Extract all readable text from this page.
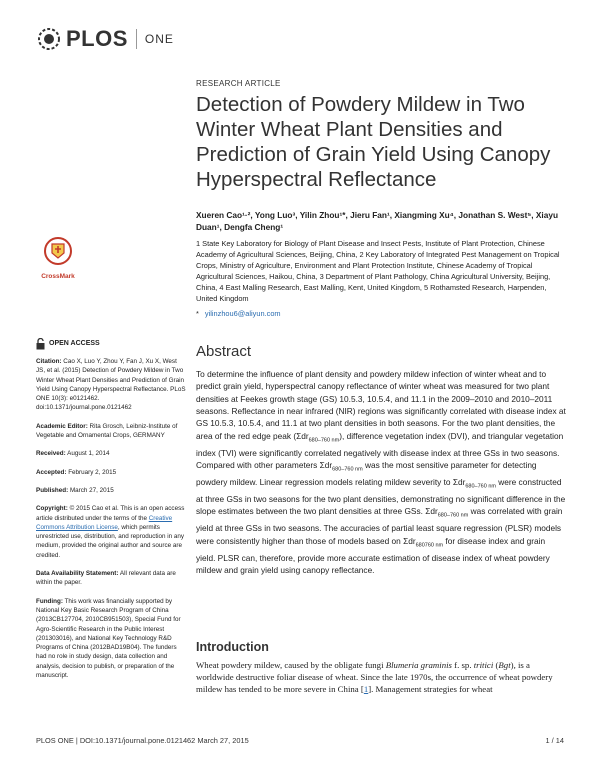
PLOS ONE
RESEARCH ARTICLE
Detection of Powdery Mildew in Two Winter Wheat Plant Densities and Prediction of Grain Yield Using Canopy Hyperspectral Reflectance
Xueren Cao¹·², Yong Luo³, Yilin Zhou¹*, Jieru Fan¹, Xiangming Xu⁴, Jonathan S. West⁵, Xiayu Duan¹, Dengfa Cheng¹
1 State Key Laboratory for Biology of Plant Disease and Insect Pests, Institute of Plant Protection, Chinese Academy of Agricultural Sciences, Beijing, China, 2 Key Laboratory of Integrated Pest Management on Tropical Crops, Ministry of Agriculture, Environment and Plant Protection Institute, Chinese Academy of Tropical Agricultural Sciences, Haikou, China, 3 Department of Plant Pathology, China Agricultural University, Beijing, China, 4 East Malling Research, East Malling, Kent, United Kingdom, 5 Rothamsted Research, Harpenden, United Kingdom
* yilinzhou6@aliyun.com
CrossMark
OPEN ACCESS

Citation: Cao X, Luo Y, Zhou Y, Fan J, Xu X, West JS, et al. (2015) Detection of Powdery Mildew in Two Winter Wheat Plant Densities and Prediction of Grain Yield Using Canopy Hyperspectral Reflectance. PLoS ONE 10(3): e0121462. doi:10.1371/journal.pone.0121462

Academic Editor: Rita Grosch, Leibniz-Institute of Vegetable and Ornamental Crops, GERMANY

Received: August 1, 2014

Accepted: February 2, 2015

Published: March 27, 2015

Copyright: © 2015 Cao et al. This is an open access article distributed under the terms of the Creative Commons Attribution License, which permits unrestricted use, distribution, and reproduction in any medium, provided the original author and source are credited.

Data Availability Statement: All relevant data are within the paper.

Funding: This work was financially supported by National Key Basic Research Program of China (2013CB127704, 2010CB951503), Special Fund for Agro-Scientific Research in the Public Interest (201303016), and National Key Technology R&D Programs of China (2012BAD19B04). The funders had no role in study design, data collection and analysis, decision to publish, or preparation of the manuscript.

Abstract
To determine the influence of plant density and powdery mildew infection of winter wheat and to predict grain yield, hyperspectral canopy reflectance of winter wheat was measured for two plant densities at Feekes growth stage (GS) 10.5.3, 10.5.4, and 11.1 in the 2009–2010 and 2010–2011 seasons. Reflectance in near infrared (NIR) regions was significantly correlated with disease index at GS 10.5.3, 10.5.4, and 11.1 at two plant densities in both seasons. For the two plant densities, the area of the red edge peak (Σdr$_{680-760 nm}$), difference vegetation index (DVI), and triangular vegetation index (TVI) were significantly correlated negatively with disease index at three GSs in two seasons. Compared with other parameters Σdr$_{680-760 nm}$ was the most sensitive parameter for detecting powdery mildew. Linear regression models relating mildew severity to Σdr$_{680-760 nm}$ were constructed at three GSs in two seasons for the two plant densities, demonstrating no significant difference in the slope estimates between the two plant densities at three GSs. Σdr$_{680-760 nm}$ was correlated with grain yield at three GSs in two seasons. The accuracies of partial least square regression (PLSR) models were consistently higher than those of models based on Σdr$_{680760 nm}$ for disease index and grain yield. PLSR can, therefore, provide more accurate estimation of disease index of wheat powdery mildew and grain yield using canopy reflectance.
Introduction
Wheat powdery mildew, caused by the obligate fungi Blumeria graminis f. sp. tritici (Bgt), is a worldwide destructive foliar disease of wheat. Since the late 1970s, the occurrence of wheat powdery mildew has tended to be more severe in China [1]. Management strategies for wheat
PLOS ONE | DOI:10.1371/journal.pone.0121462 March 27, 2015	1 / 14
